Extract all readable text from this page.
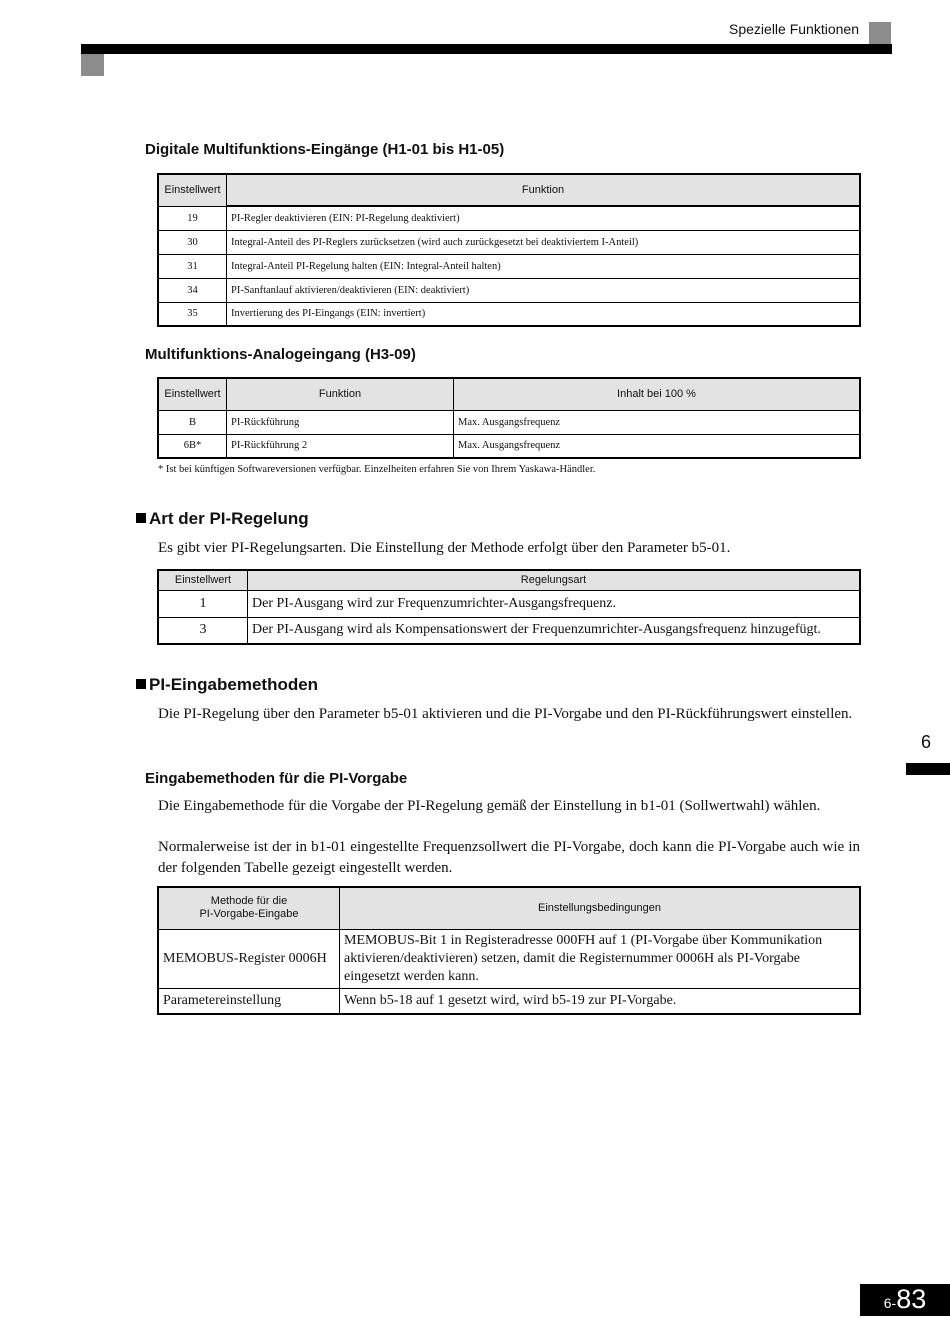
Spezielle Funktionen
6
Digitale Multifunktions-Eingänge (H1-01 bis H1-05)
Einstellwert	Funktion
19	PI-Regler deaktivieren (EIN: PI-Regelung deaktiviert)
30	Integral-Anteil des PI-Reglers zurücksetzen (wird auch zurückgesetzt bei deaktiviertem I-Anteil)
31	Integral-Anteil PI-Regelung halten (EIN: Integral-Anteil halten)
34	PI-Sanftanlauf aktivieren/deaktivieren (EIN: deaktiviert)
35	Invertierung des PI-Eingangs (EIN: invertiert)
Multifunktions-Analogeingang (H3-09)
Einstellwert	Funktion	Inhalt bei 100 %
B	PI-Rückführung	Max. Ausgangsfrequenz
6B*	PI-Rückführung 2	Max. Ausgangsfrequenz
* Ist bei künftigen Softwareversionen verfügbar. Einzelheiten erfahren Sie von Ihrem Yaskawa-Händler.
Art der PI-Regelung
Es gibt vier PI-Regelungsarten. Die Einstellung der Methode erfolgt über den Parameter b5-01.
Einstellwert	Regelungsart
1	Der PI-Ausgang wird zur Frequenzumrichter-Ausgangsfrequenz.
3	Der PI-Ausgang wird als Kompensationswert der Frequenzumrichter-Ausgangsfrequenz hinzugefügt.
PI-Eingabemethoden
Die PI-Regelung über den Parameter b5-01 aktivieren und die PI-Vorgabe und den PI-Rückführungswert einstellen.
Eingabemethoden für die PI-Vorgabe
Die Eingabemethode für die Vorgabe der PI-Regelung gemäß der Einstellung in b1-01 (Sollwertwahl) wählen.
Normalerweise ist der in b1-01 eingestellte Frequenzsollwert die PI-Vorgabe, doch kann die PI-Vorgabe auch wie in der folgenden Tabelle gezeigt eingestellt werden.
Methode für die
PI-Vorgabe-Eingabe	Einstellungsbedingungen
MEMOBUS-Register 0006H	MEMOBUS-Bit 1 in Registeradresse 000FH auf 1 (PI-Vorgabe über Kommunikation aktivieren/deaktivieren) setzen, damit die Registernummer 0006H als PI-Vorgabe eingesetzt werden kann.
Parametereinstellung	Wenn b5-18 auf 1 gesetzt wird, wird b5-19 zur PI-Vorgabe.
6- 83
